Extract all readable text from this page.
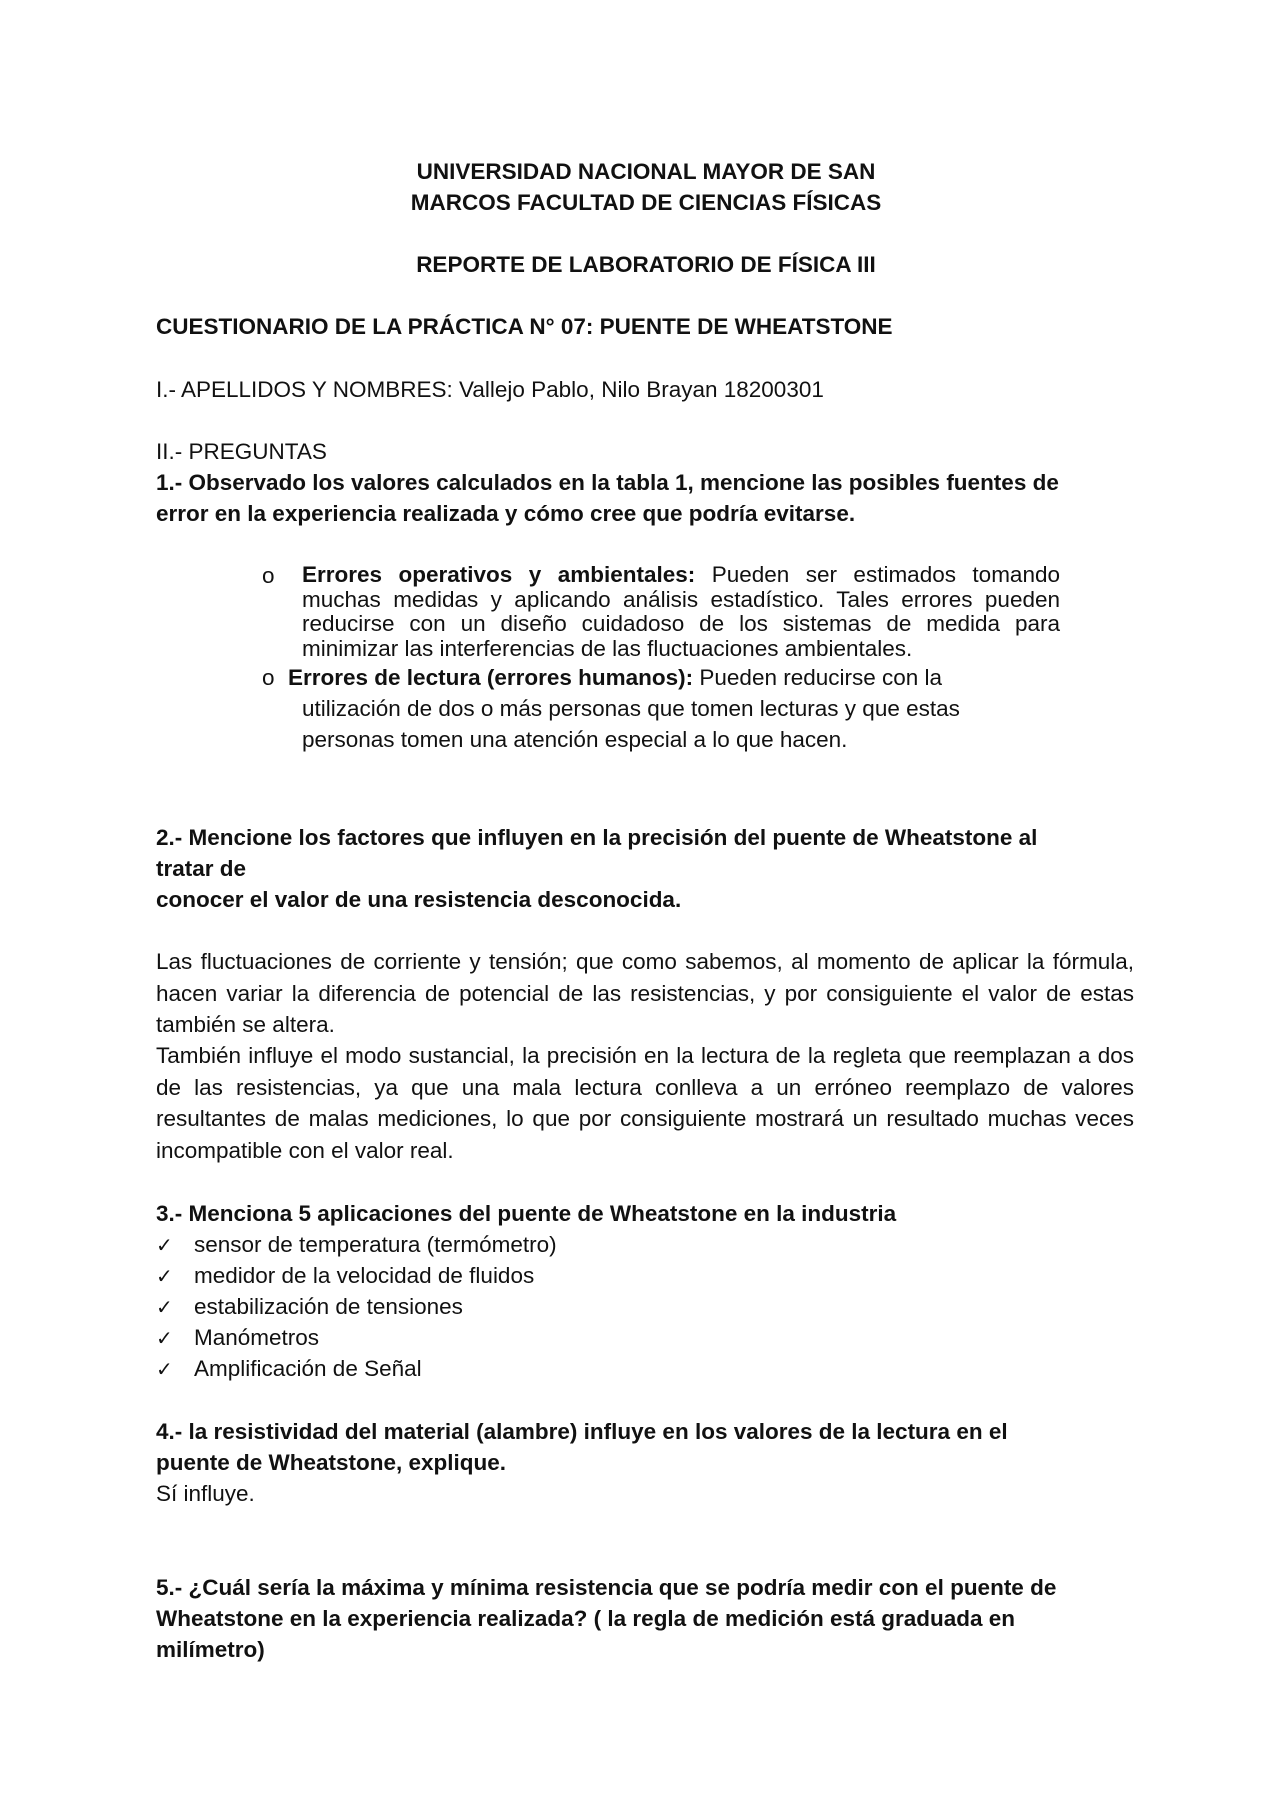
UNIVERSIDAD NACIONAL MAYOR DE SAN
MARCOS FACULTAD DE CIENCIAS FÍSICAS
REPORTE DE LABORATORIO DE FÍSICA III
CUESTIONARIO DE LA PRÁCTICA N° 07: PUENTE DE WHEATSTONE
I.- APELLIDOS Y NOMBRES: Vallejo Pablo, Nilo Brayan 18200301
II.- PREGUNTAS
1.- Observado los valores calculados en la tabla 1, mencione las posibles fuentes de
error en la experiencia realizada y cómo cree que podría evitarse.
o Errores operativos y ambientales: Pueden ser estimados tomando muchas medidas y aplicando análisis estadístico. Tales errores pueden reducirse con un diseño cuidadoso de los sistemas de medida para minimizar las interferencias de las fluctuaciones ambientales.
o Errores de lectura (errores humanos): Pueden reducirse con la
utilización de dos o más personas que tomen lecturas y que estas
personas tomen una atención especial a lo que hacen.
2.- Mencione los factores que influyen en la precisión del puente de Wheatstone al
tratar de
conocer el valor de una resistencia desconocida.
Las fluctuaciones de corriente y tensión; que como sabemos, al momento de aplicar la fórmula, hacen variar la diferencia de potencial de las resistencias, y por consiguiente el valor de estas también se altera.
También influye el modo sustancial, la precisión en la lectura de la regleta que reemplazan a dos de las resistencias, ya que una mala lectura conlleva a un erróneo reemplazo de valores resultantes de malas mediciones, lo que por consiguiente mostrará un resultado muchas veces incompatible con el valor real.
3.- Menciona 5 aplicaciones del puente de Wheatstone en la industria
✓ sensor de temperatura (termómetro)
✓ medidor de la velocidad de fluidos
✓ estabilización de tensiones
✓ Manómetros
✓ Amplificación de Señal
4.- la resistividad del material (alambre) influye en los valores de la lectura en el
puente de Wheatstone, explique.
Sí influye.
5.- ¿Cuál sería la máxima y mínima resistencia que se podría medir con el puente de
Wheatstone en la experiencia realizada? ( la regla de medición está graduada en
milímetro)
